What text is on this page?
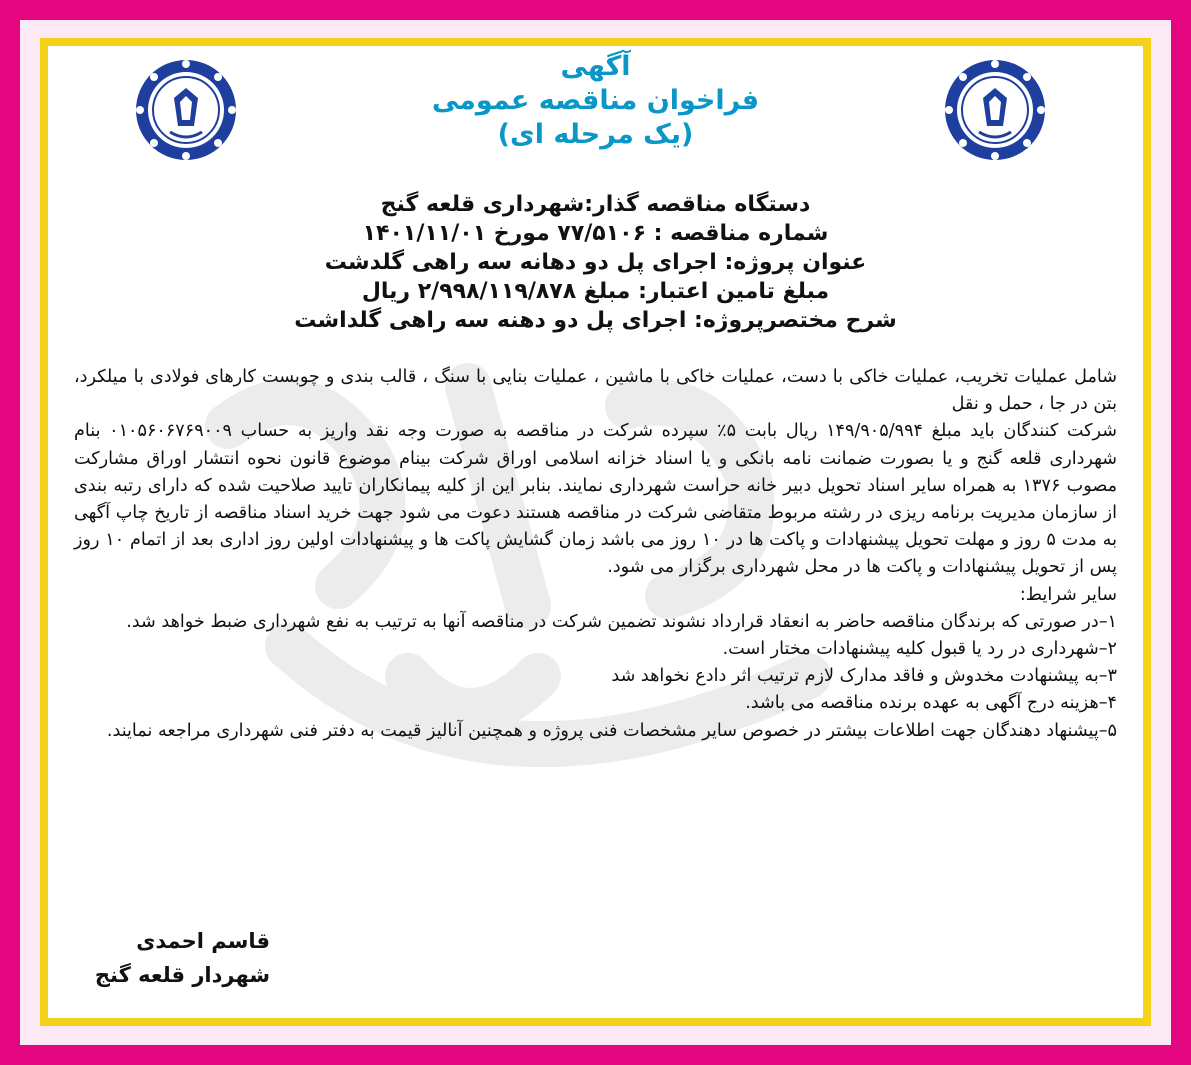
آگهی

فراخوان مناقصه عمومی

(یک مرحله ای)

دستگاه مناقصه گذار:شهرداری قلعه گنج

شماره مناقصه : ۷۷/۵۱۰۶ مورخ ۱۴۰۱/۱۱/۰۱

عنوان پروژه: اجرای پل دو دهانه سه راهی گلدشت

مبلغ تامین اعتبار: مبلغ ۲/۹۹۸/۱۱۹/۸۷۸ ریال

شرح مختصرپروژه: اجرای پل دو دهنه سه راهی گلداشت

شامل عملیات تخریب، عملیات خاکی با دست، عملیات خاکی با ماشین ، عملیات بنایی با سنگ ، قالب بندی و چوبست کارهای فولادی با میلکرد، بتن در جا ، حمل و نقل

شرکت کنندگان باید مبلغ ۱۴۹/۹۰۵/۹۹۴ ریال بابت ۵٪ سپرده شرکت در مناقصه به صورت وجه نقد واریز به حساب ۰۱۰۵۶۰۶۷۶۹۰۰۹ بنام شهرداری قلعه گنج و یا بصورت ضمانت نامه بانکی و یا اسناد خزانه اسلامی اوراق شرکت بینام موضوع قانون نحوه انتشار اوراق مشارکت مصوب ۱۳۷۶ به همراه سایر اسناد تحویل دبیر خانه حراست شهرداری نمایند. بنابر این از کلیه پیمانکاران تایید صلاحیت شده که دارای رتبه بندی از سازمان مدیریت برنامه ریزی در رشته مربوط متقاضی شرکت در مناقصه هستند دعوت می شود جهت خرید اسناد مناقصه از تاریخ چاپ آگهی به مدت ۵ روز و مهلت تحویل پیشنهادات و پاکت ها در ۱۰ روز می باشد زمان گشایش پاکت ها و پیشنهادات اولین روز اداری بعد از اتمام ۱۰ روز پس از تحویل پیشنهادات و پاکت ها در محل شهرداری برگزار می شود.

سایر شرایط:

۱–در صورتی که برندگان مناقصه حاضر به انعقاد قرارداد نشوند تضمین شرکت در مناقصه آنها به ترتیب به نفع شهرداری ضبط خواهد شد.

۲–شهرداری در رد یا قبول کلیه پیشنهادات مختار است.

۳–به پیشنهادت مخدوش و فاقد مدارک لازم ترتیب اثر دادع نخواهد شد

۴–هزینه درج آگهی به عهده برنده مناقصه می باشد.

۵–پیشنهاد دهندگان جهت اطلاعات بیشتر در خصوص سایر مشخصات فنی پروژه و همچنین آنالیز قیمت به دفتر فنی شهرداری مراجعه نمایند.

قاسم احمدی
شهردار قلعه گنج
